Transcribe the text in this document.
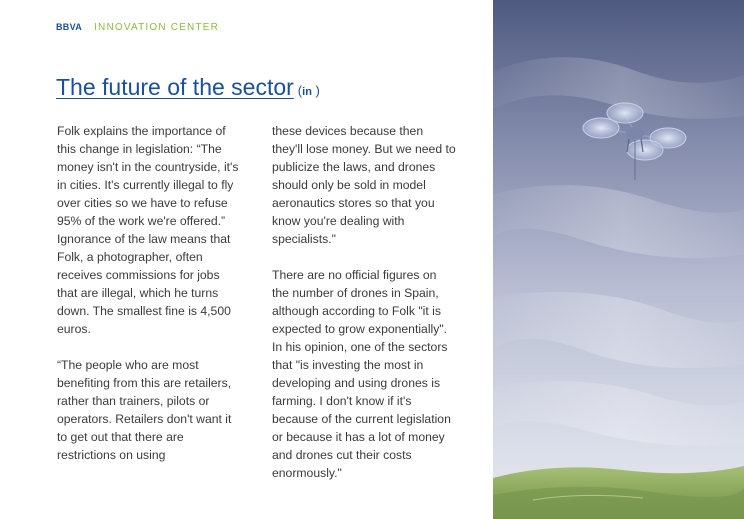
BBVA INNOVATION CENTER
The future of the sector (in )

Folk explains the importance of this change in legislation: “The money isn't in the countryside, it's in cities. It's currently illegal to fly over cities so we have to refuse 95% of the work we're offered.” Ignorance of the law means that Folk, a photographer, often receives commissions for jobs that are illegal, which he turns down. The smallest fine is 4,500 euros.

“The people who are most benefiting from this are retailers, rather than trainers, pilots or operators. Retailers don't want it to get out that there are restrictions on using

these devices because then they'll lose money. But we need to publicize the laws, and drones should only be sold in model aeronautics stores so that you know you're dealing with specialists."

There are no official figures on the number of drones in Spain, although according to Folk "it is expected to grow exponentially". In his opinion, one of the sectors that "is investing the most in developing and using drones is farming. I don't know if it's because of the current legislation or because it has a lot of money and drones cut their costs enormously."
